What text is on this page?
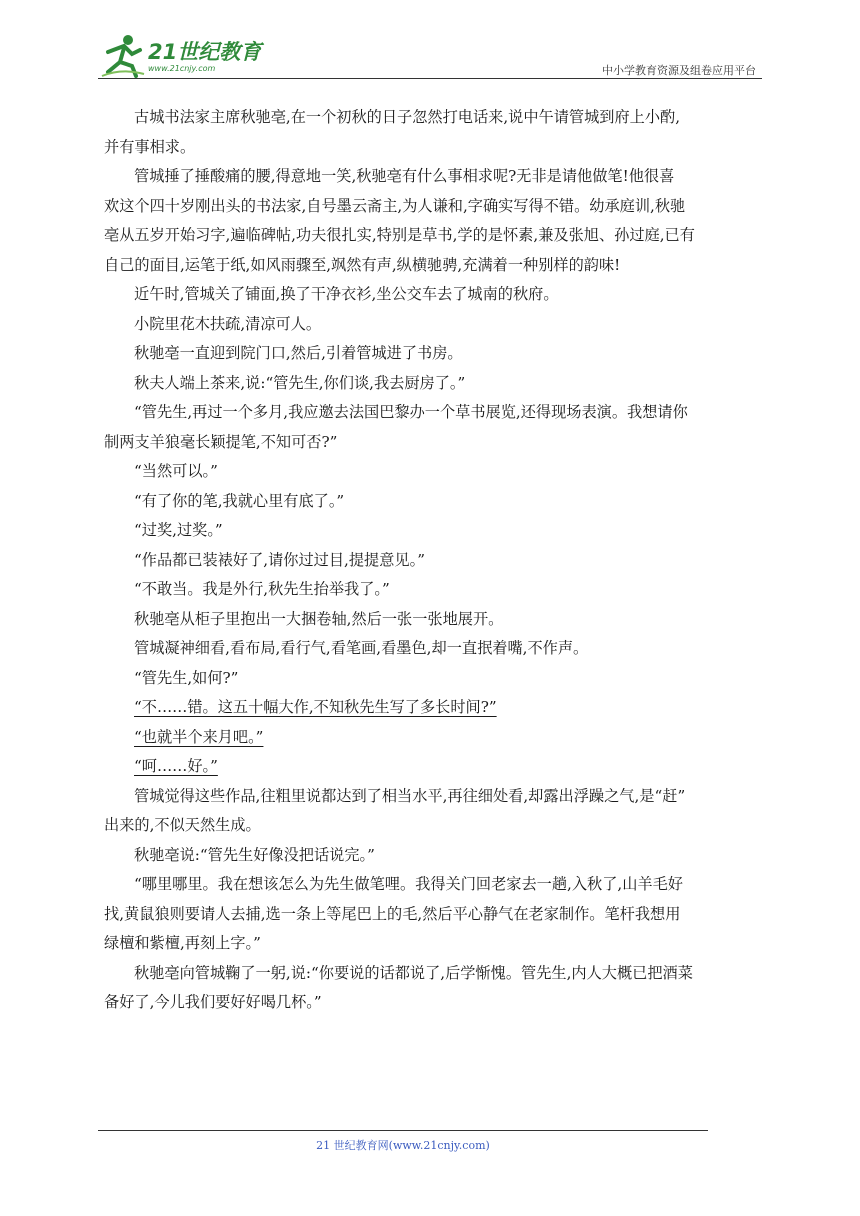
21世纪教育
www.21cnjy.com	中小学教育资源及组卷应用平台
古城书法家主席秋驰亳,在一个初秋的日子忽然打电话来,说中午请管城到府上小酌,
并有事相求。
管城捶了捶酸痛的腰,得意地一笑,秋驰亳有什么事相求呢?无非是请他做笔!他很喜
欢这个四十岁刚出头的书法家,自号墨云斋主,为人谦和,字确实写得不错。幼承庭训,秋驰
亳从五岁开始习字,遍临碑帖,功夫很扎实,特别是草书,学的是怀素,兼及张旭、孙过庭,已有
自己的面目,运笔于纸,如风雨骤至,飒然有声,纵横驰骋,充满着一种别样的韵味!
近午时,管城关了铺面,换了干净衣衫,坐公交车去了城南的秋府。
小院里花木扶疏,清凉可人。
秋驰亳一直迎到院门口,然后,引着管城进了书房。
秋夫人端上茶来,说:“管先生,你们谈,我去厨房了。”
“管先生,再过一个多月,我应邀去法国巴黎办一个草书展览,还得现场表演。我想请你
制两支羊狼毫长颖提笔,不知可否?”
“当然可以。”
“有了你的笔,我就心里有底了。”
“过奖,过奖。”
“作品都已装裱好了,请你过过目,提提意见。”
“不敢当。我是外行,秋先生抬举我了。”
秋驰亳从柜子里抱出一大捆卷轴,然后一张一张地展开。
管城凝神细看,看布局,看行气,看笔画,看墨色,却一直抿着嘴,不作声。
“管先生,如何?”
“不……错。这五十幅大作,不知秋先生写了多长时间?”
“也就半个来月吧。”
“呵……好。”
管城觉得这些作品,往粗里说都达到了相当水平,再往细处看,却露出浮躁之气,是“赶”
出来的,不似天然生成。
秋驰亳说:“管先生好像没把话说完。”
“哪里哪里。我在想该怎么为先生做笔哩。我得关门回老家去一趟,入秋了,山羊毛好
找,黄鼠狼则要请人去捕,选一条上等尾巴上的毛,然后平心静气在老家制作。笔杆我想用
绿檀和紫檀,再刻上字。”
秋驰亳向管城鞠了一躬,说:“你要说的话都说了,后学惭愧。管先生,内人大概已把酒菜
备好了,今儿我们要好好喝几杯。”
21 世纪教育网(www.21cnjy.com)
